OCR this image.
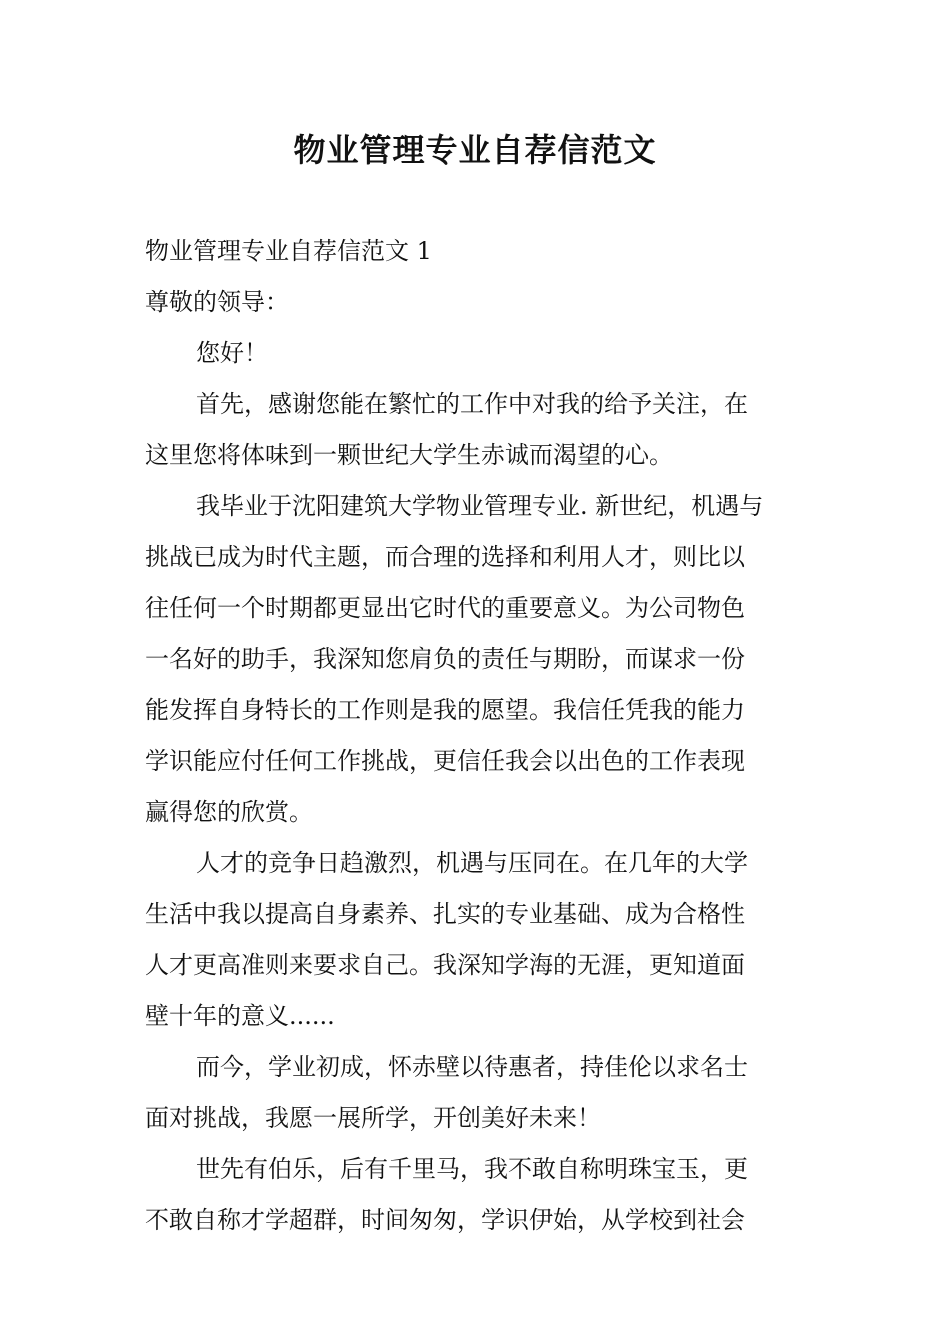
物业管理专业自荐信范文
物业管理专业自荐信范文 1
尊敬的领导：
您好！
首先，感谢您能在繁忙的工作中对我的给予关注，在
这里您将体味到一颗世纪大学生赤诚而渴望的心。
我毕业于沈阳建筑大学物业管理专业. 新世纪，机遇与
挑战已成为时代主题，而合理的选择和利用人才，则比以
往任何一个时期都更显出它时代的重要意义。为公司物色
一名好的助手，我深知您肩负的责任与期盼，而谋求一份
能发挥自身特长的工作则是我的愿望。我信任凭我的能力
学识能应付任何工作挑战，更信任我会以出色的工作表现
赢得您的欣赏。
人才的竞争日趋激烈，机遇与压同在。在几年的大学
生活中我以提高自身素养、扎实的专业基础、成为合格性
人才更高准则来要求自己。我深知学海的无涯，更知道面
壁十年的意义......
而今，学业初成，怀赤壁以待惠者，持佳伦以求名士
面对挑战，我愿一展所学，开创美好未来！
世先有伯乐，后有千里马，我不敢自称明珠宝玉，更
不敢自称才学超群，时间匆匆，学识伊始，从学校到社会
